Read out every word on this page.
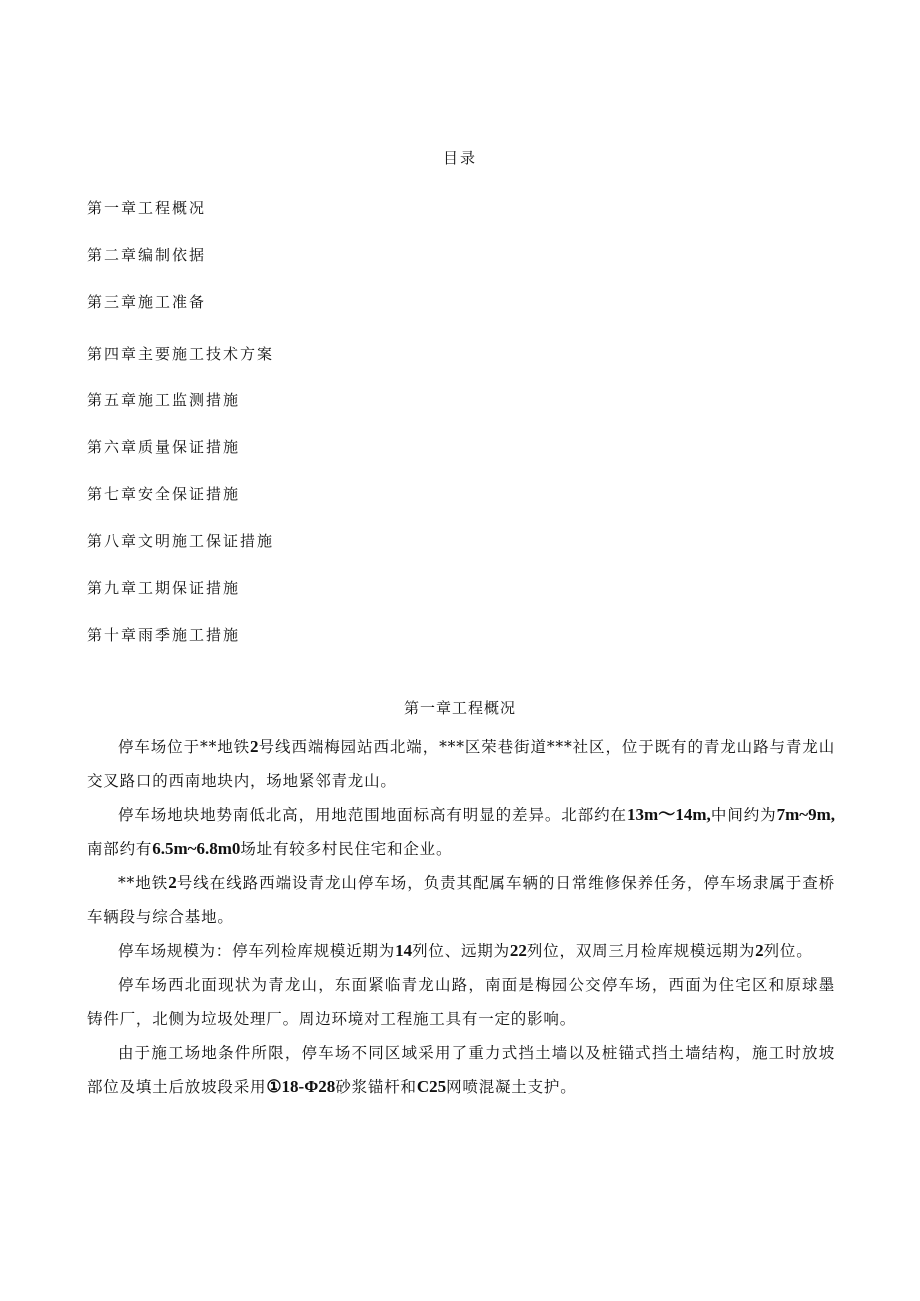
目录
第一章工程概况
第二章编制依据
第三章施工准备
第四章主要施工技术方案
第五章施工监测措施
第六章质量保证措施
第七章安全保证措施
第八章文明施工保证措施
第九章工期保证措施
第十章雨季施工措施
第一章工程概况

停车场位于**地铁2号线西端梅园站西北端，***区荣巷街道***社区，位于既有的青龙山路与青龙山交叉路口的西南地块内，场地紧邻青龙山。

停车场地块地势南低北高，用地范围地面标高有明显的差异。北部约在13m～14m,中间约为7m~9m,南部约有6.5m~6.8m0场址有较多村民住宅和企业。

**地铁2号线在线路西端设青龙山停车场，负责其配属车辆的日常维修保养任务，停车场隶属于查桥车辆段与综合基地。

停车场规模为：停车列检库规模近期为14列位、远期为22列位，双周三月检库规模远期为2列位。

停车场西北面现状为青龙山，东面紧临青龙山路，南面是梅园公交停车场，西面为住宅区和原球墨铸件厂，北侧为垃圾处理厂。周边环境对工程施工具有一定的影响。

由于施工场地条件所限，停车场不同区域采用了重力式挡土墙以及桩锚式挡土墙结构，施工时放坡部位及填土后放坡段采用①18-Φ28砂浆锚杆和C25网喷混凝土支护。
